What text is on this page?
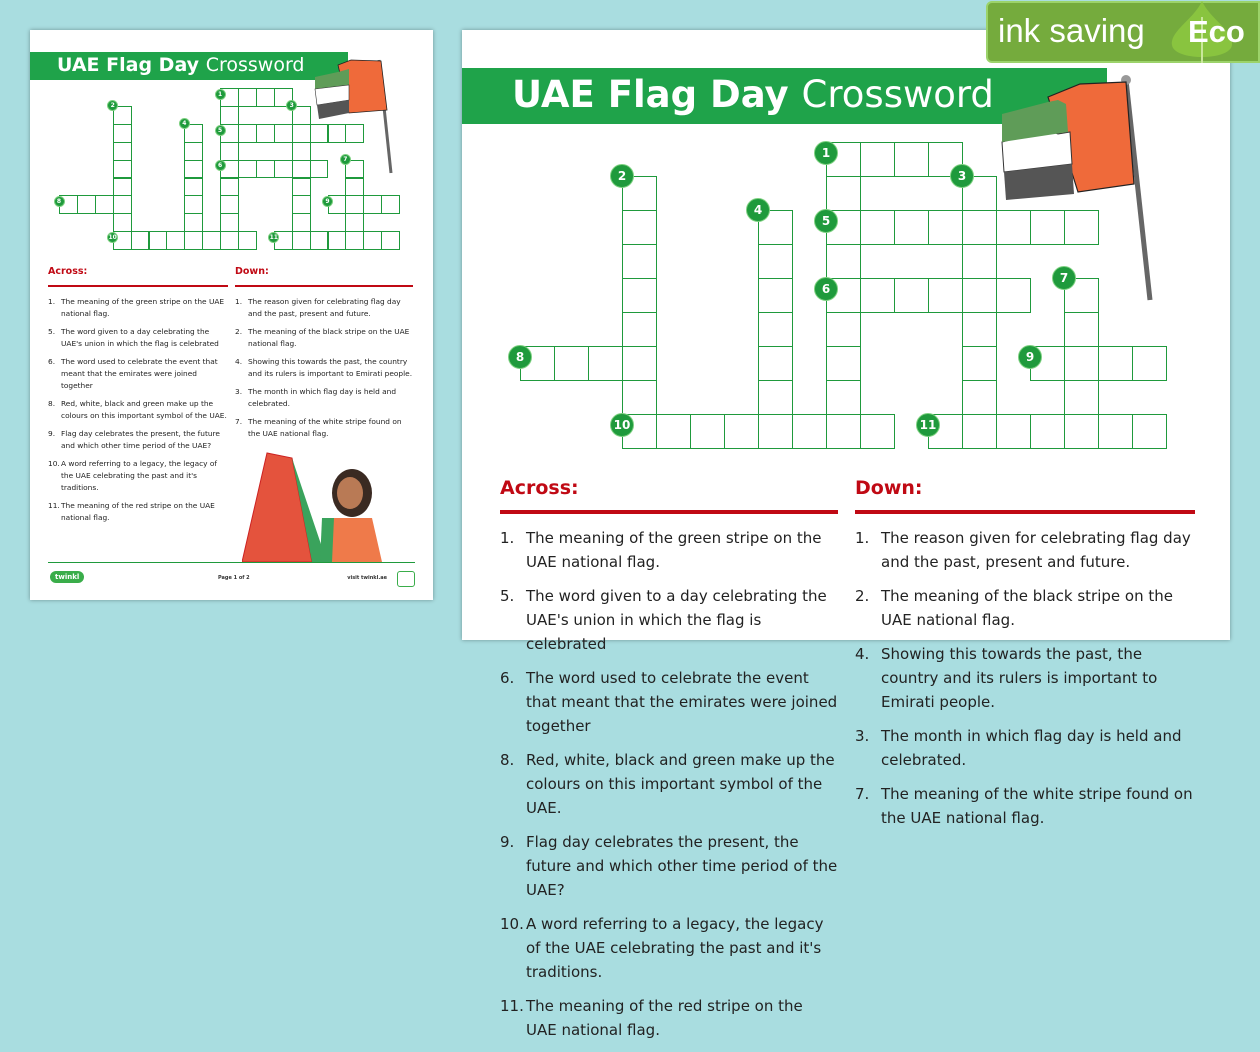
UAE Flag Day Crossword
1
2	3
4
5
6
7
8	9
10	11
Across:
1. The meaning of the green stripe on the UAE national flag.
5. The word given to a day celebrating the UAE's union in which the flag is celebrated
6. The word used to celebrate the event that meant that the emirates were joined together
8. Red, white, black and green make up the colours on this important symbol of the UAE.
9. Flag day celebrates the present, the future and which other time period of the UAE?
10. A word referring to a legacy, the legacy of the UAE celebrating the past and it's traditions.
11. The meaning of the red stripe on the UAE national flag.
Down:
1. The reason given for celebrating flag day and the past, present and future.
2. The meaning of the black stripe on the UAE national flag.
4. Showing this towards the past, the country and its rulers is important to Emirati people.
3. The month in which flag day is held and celebrated.
7. The meaning of the white stripe found on the UAE national flag.
twinkl	Page 1 of 2	visit twinkl.ae
UAE Flag Day Crossword
1
2	3
4
5
6
7
8	9
10	11
Across:
1. The meaning of the green stripe on the UAE national flag.
5. The word given to a day celebrating the UAE's union in which the flag is celebrated
6. The word used to celebrate the event that meant that the emirates were joined together
8. Red, white, black and green make up the colours on this important symbol of the UAE.
9. Flag day celebrates the present, the future and which other time period of the UAE?
10. A word referring to a legacy, the legacy of the UAE celebrating the past and it's traditions.
11. The meaning of the red stripe on the UAE national flag.
Down:
1. The reason given for celebrating flag day and the past, present and future.
2. The meaning of the black stripe on the UAE national flag.
4. Showing this towards the past, the country and its rulers is important to Emirati people.
3. The month in which flag day is held and celebrated.
7. The meaning of the white stripe found on the UAE national flag.
ink saving Eco
